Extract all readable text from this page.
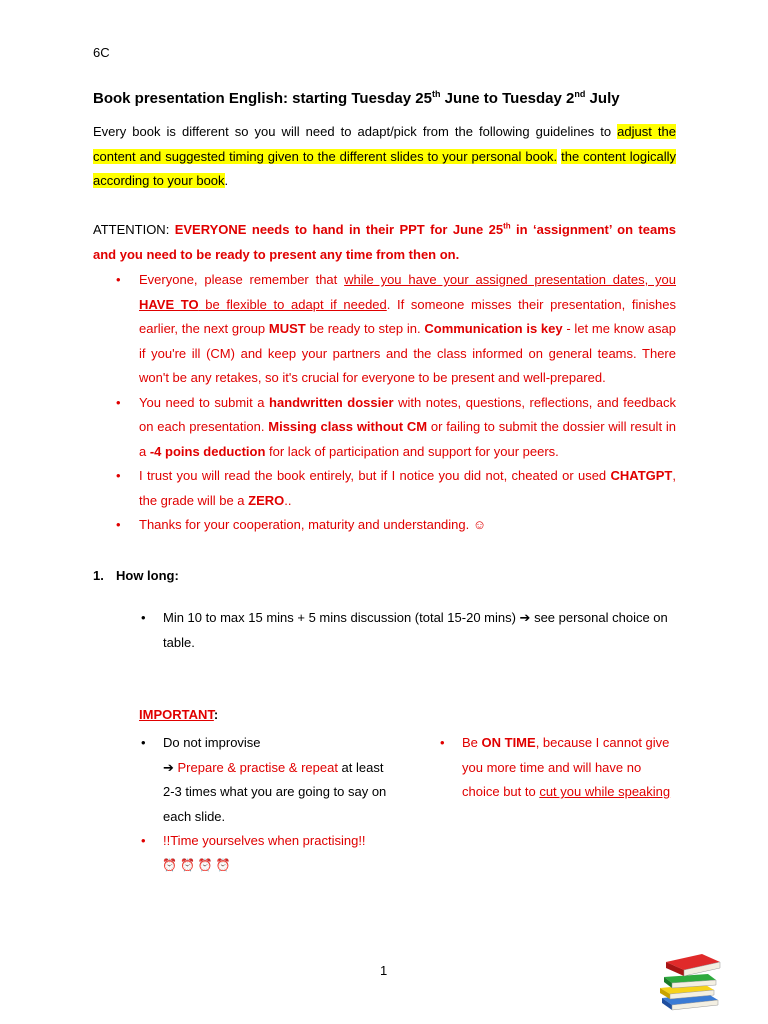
6C
Book presentation English: starting Tuesday 25th June to Tuesday 2nd July
Every book is different so you will need to adapt/pick from the following guidelines to adjust the content and suggested timing given to the different slides to your personal book. the content logically according to your book.
ATTENTION: EVERYONE needs to hand in their PPT for June 25th in ‘assignment’ on teams and you need to be ready to present any time from then on.
•	Everyone, please remember that while you have your assigned presentation dates, you HAVE TO be flexible to adapt if needed. If someone misses their presentation, finishes earlier, the next group MUST be ready to step in. Communication is key - let me know asap if you're ill (CM) and keep your partners and the class informed on general teams. There won't be any retakes, so it's crucial for everyone to be present and well-prepared.
•	You need to submit a handwritten dossier with notes, questions, reflections, and feedback on each presentation. Missing class without CM or failing to submit the dossier will result in a -4 poins deduction for lack of participation and support for your peers.
•	I trust you will read the book entirely, but if I notice you did not, cheated or used CHATGPT, the grade will be a ZERO..
•	Thanks for your cooperation, maturity and understanding. ☺
1. How long:
• Min 10 to max 15 mins + 5 mins discussion (total 15-20 mins) ➔ see personal choice on table.
IMPORTANT:
• Do not improvise
➔ Prepare & practise & repeat at least 2-3 times what you are going to say on each slide.
• !!Time yourselves when practising!!
⏰⏰⏰⏰
• Be ON TIME, because I cannot give you more time and will have no choice but to cut you while speaking
1
